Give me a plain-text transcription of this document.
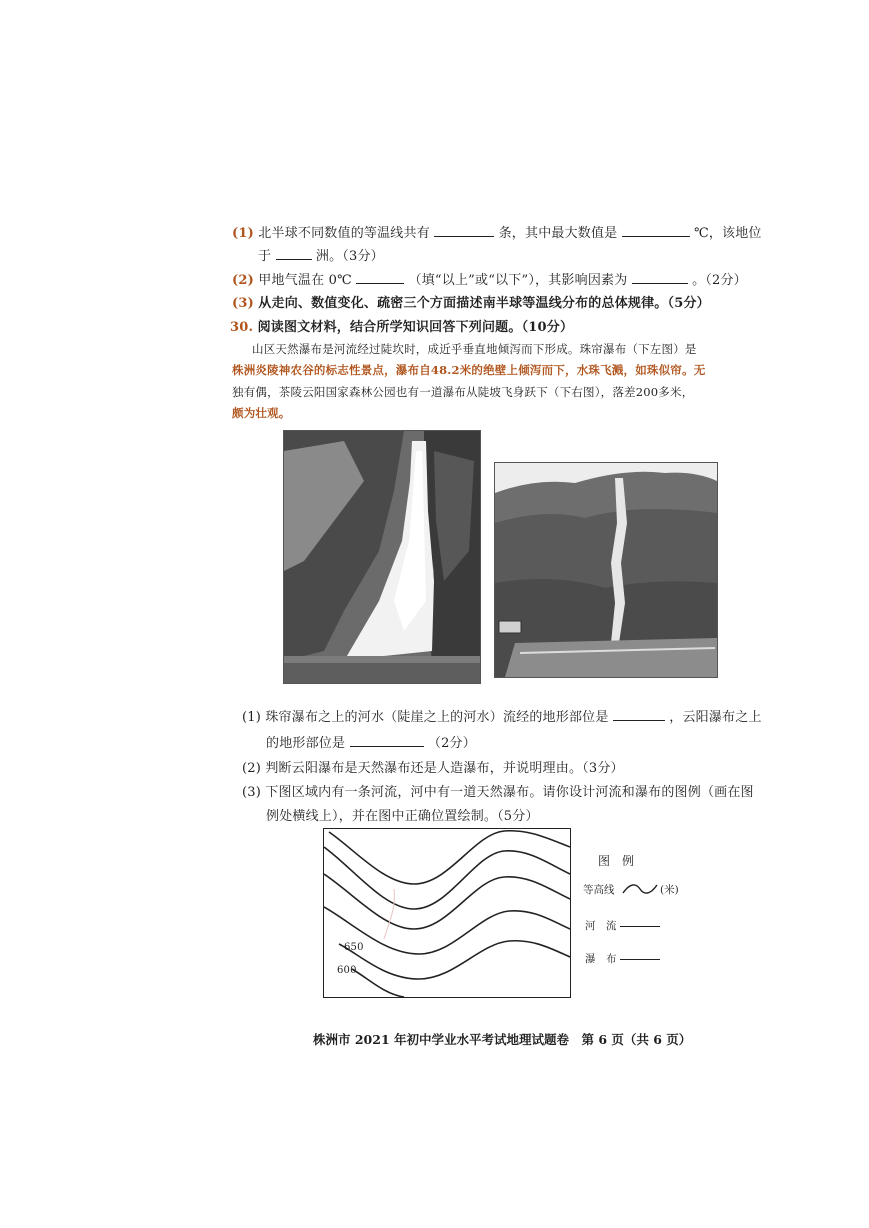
(1) 北半球不同数值的等温线共有	条，其中最大数值是	℃，该地位
于	洲。（3分）
(2) 甲地气温在 0℃	（填“以上”或“以下”），其影响因素为	。（2分）
(3) 从走向、数值变化、疏密三个方面描述南半球等温线分布的总体规律。（5分）
30. 阅读图文材料，结合所学知识回答下列问题。（10分）
山区天然瀑布是河流经过陡坎时，成近乎垂直地倾泻而下形成。珠帘瀑布（下左图）是
株洲炎陵神农谷的标志性景点，瀑布自48.2米的绝壁上倾泻而下，水珠飞溅，如珠似帘。无
独有偶，茶陵云阳国家森林公园也有一道瀑布从陡坡飞身跃下（下右图），落差200多米，
颇为壮观。
(1) 珠帘瀑布之上的河水（陡崖之上的河水）流经的地形部位是	，云阳瀑布之上
的地形部位是	（2分）
(2) 判断云阳瀑布是天然瀑布还是人造瀑布，并说明理由。（3分）
(3) 下图区域内有一条河流，河中有一道天然瀑布。请你设计河流和瀑布的图例（画在图
例处横线上），并在图中正确位置绘制。（5分）
650
600
图　例
等高线	(米)
河　流
瀑　布
株洲市 2021 年初中学业水平考试地理试题卷　第 6 页（共 6 页）
